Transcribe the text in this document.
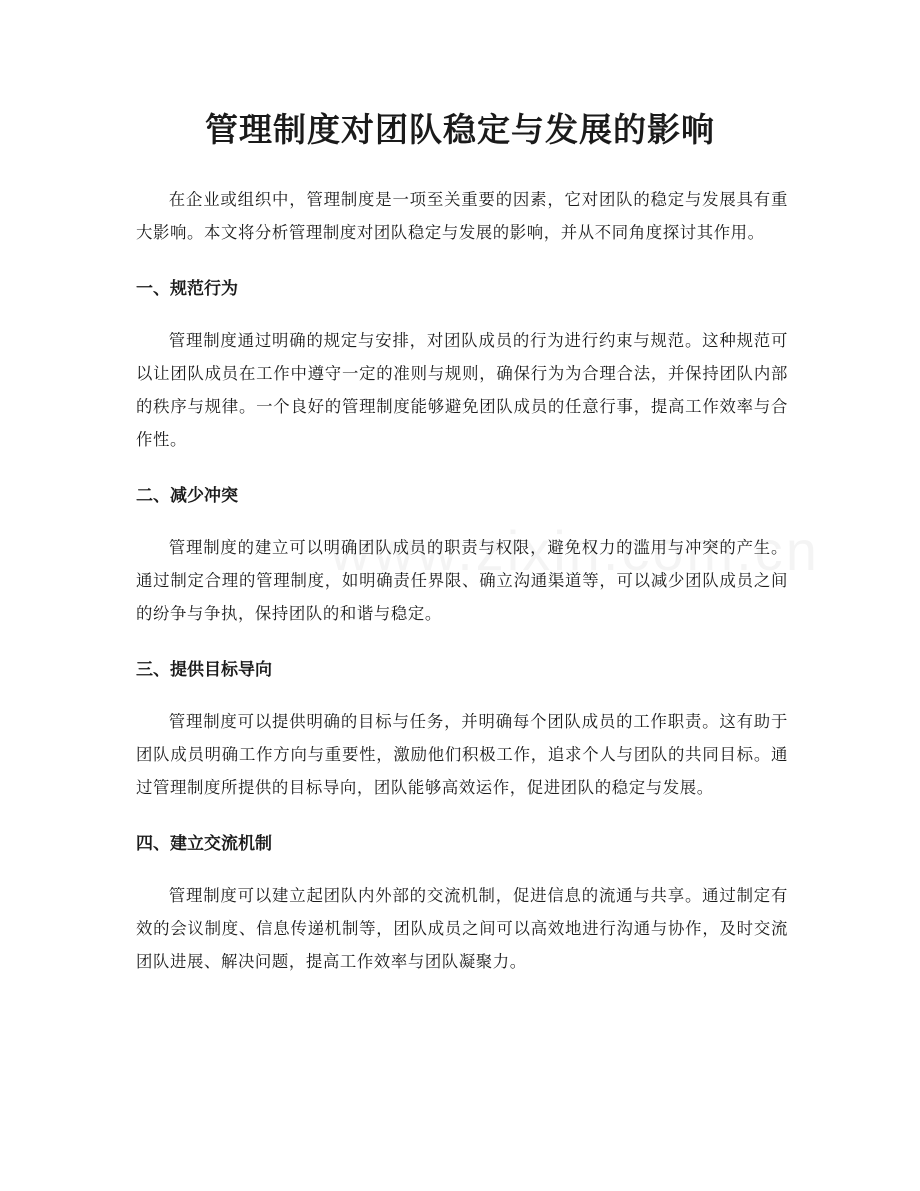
管理制度对团队稳定与发展的影响

在企业或组织中，管理制度是一项至关重要的因素，它对团队的稳定与发展具有重大影响。本文将分析管理制度对团队稳定与发展的影响，并从不同角度探讨其作用。

一、规范行为

管理制度通过明确的规定与安排，对团队成员的行为进行约束与规范。这种规范可以让团队成员在工作中遵守一定的准则与规则，确保行为为合理合法，并保持团队内部的秩序与规律。一个良好的管理制度能够避免团队成员的任意行事，提高工作效率与合作性。

二、减少冲突

管理制度的建立可以明确团队成员的职责与权限，避免权力的滥用与冲突的产生。通过制定合理的管理制度，如明确责任界限、确立沟通渠道等，可以减少团队成员之间的纷争与争执，保持团队的和谐与稳定。

三、提供目标导向

管理制度可以提供明确的目标与任务，并明确每个团队成员的工作职责。这有助于团队成员明确工作方向与重要性，激励他们积极工作，追求个人与团队的共同目标。通过管理制度所提供的目标导向，团队能够高效运作，促进团队的稳定与发展。

四、建立交流机制

管理制度可以建立起团队内外部的交流机制，促进信息的流通与共享。通过制定有效的会议制度、信息传递机制等，团队成员之间可以高效地进行沟通与协作，及时交流团队进展、解决问题，提高工作效率与团队凝聚力。
